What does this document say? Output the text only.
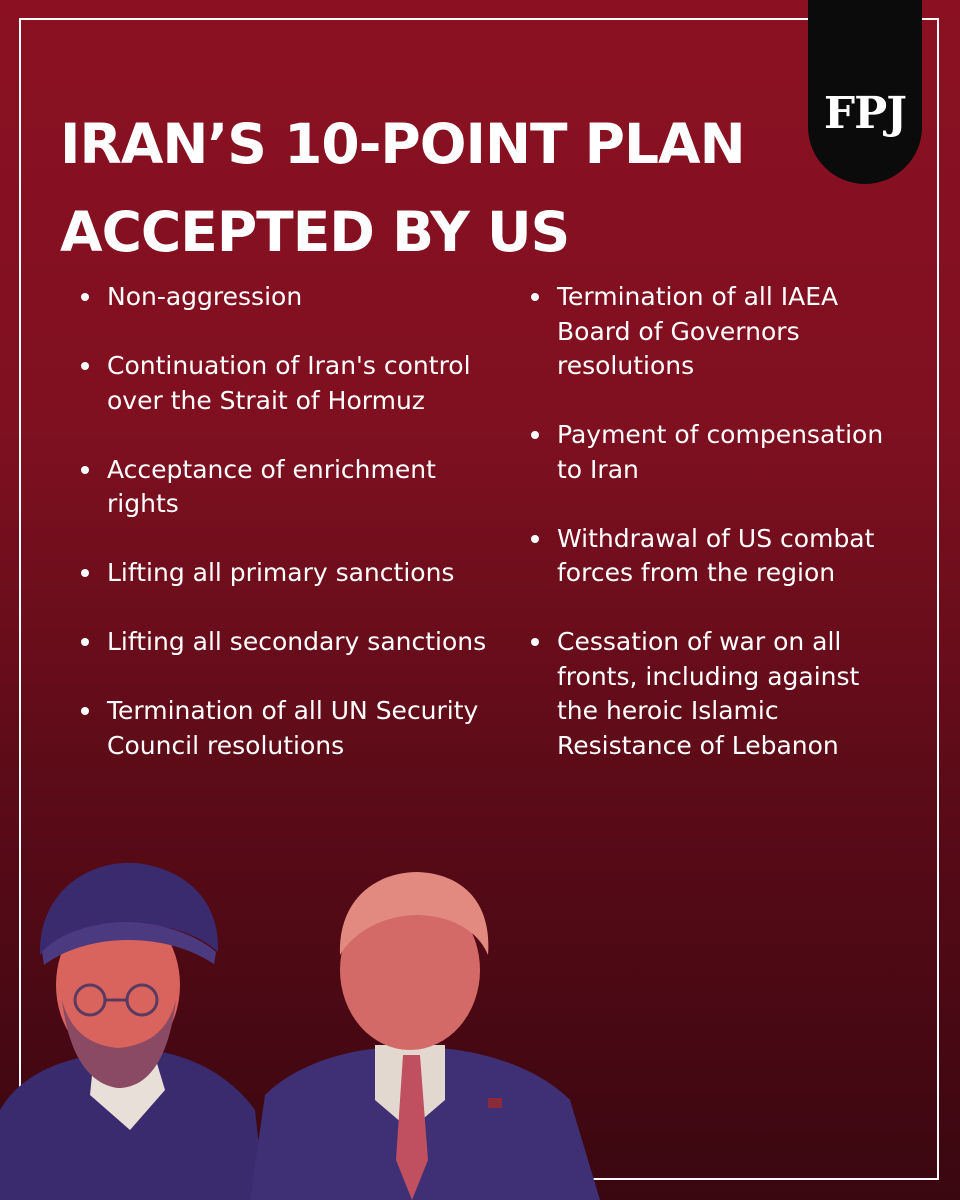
FPJ
IRAN’S 10-POINT PLAN
ACCEPTED BY US
Non-aggression
Continuation of Iran's control over the Strait of Hormuz
Acceptance of enrichment rights
Lifting all primary sanctions
Lifting all secondary sanctions
Termination of all UN Security Council resolutions
Termination of all IAEA Board of Governors resolutions
Payment of compensation to Iran
Withdrawal of US combat forces from the region
Cessation of war on all fronts, including against the heroic Islamic Resistance of Lebanon
